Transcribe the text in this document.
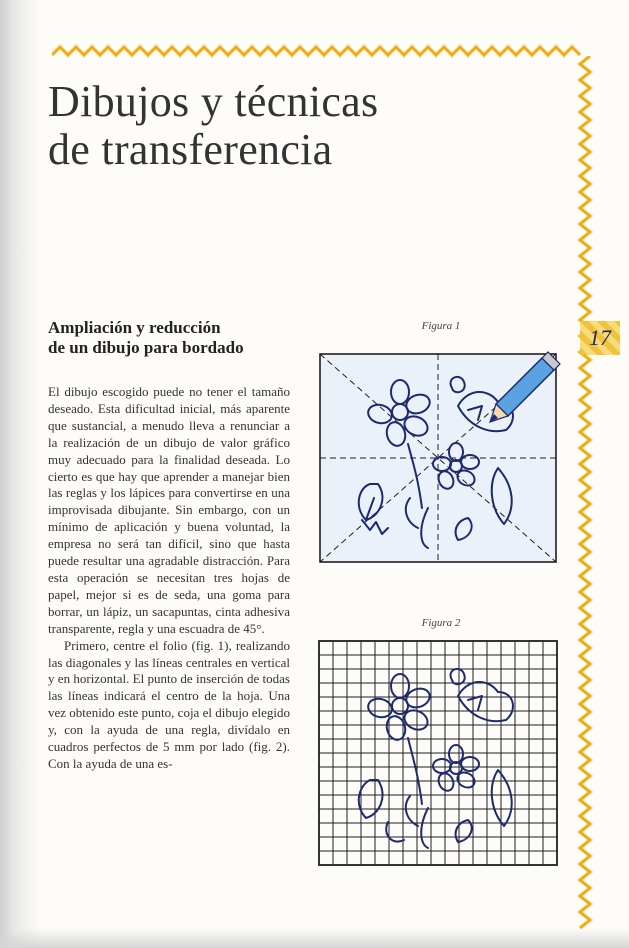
17
Dibujos y técnicas
de transferencia
Ampliación y reducción
de un dibujo para bordado

El dibujo escogido puede no tener el tamaño deseado. Esta dificultad inicial, más aparente que sustancial, a menudo lleva a renunciar a la realización de un dibujo de valor gráfico muy adecuado para la finalidad deseada. Lo cierto es que hay que aprender a manejar bien las reglas y los lápices para convertirse en una improvisada dibujante. Sin embargo, con un mínimo de aplicación y buena voluntad, la empresa no será tan difícil, sino que hasta puede resultar una agradable distracción. Para esta operación se necesitan tres hojas de papel, mejor si es de seda, una goma para borrar, un lápiz, un sacapuntas, cinta adhesiva transparente, regla y una escuadra de 45°.

Primero, centre el folio (fig. 1), realizando las diagonales y las líneas centrales en vertical y en horizontal. El punto de inserción de todas las líneas indicará el centro de la hoja. Una vez obtenido este punto, coja el dibujo elegido y, con la ayuda de una regla, divídalo en cuadros perfectos de 5 mm por lado (fig. 2). Con la ayuda de una es-

Figura 1
Figura 2
